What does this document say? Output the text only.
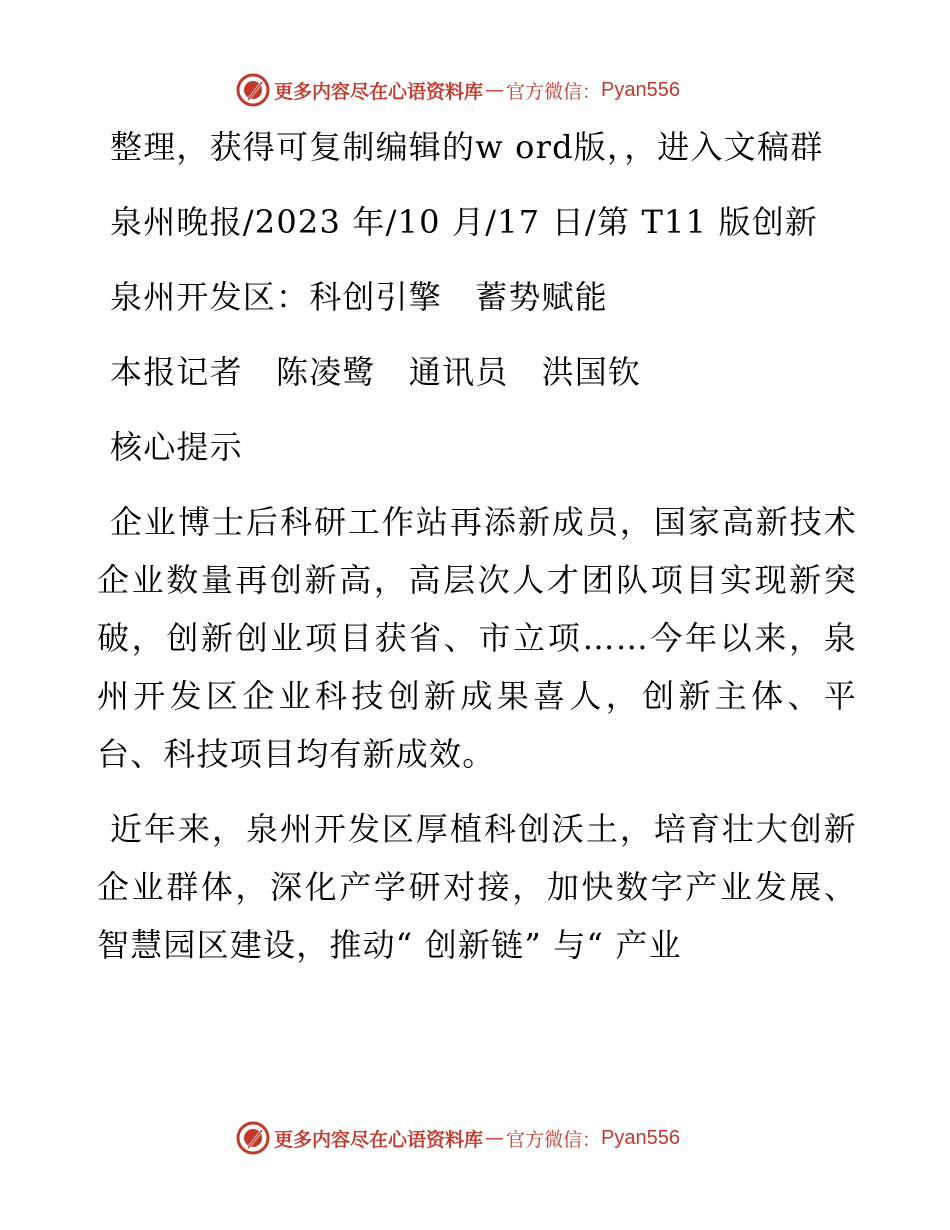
更多内容尽在心语资料库 — 官方微信： Pyan556

整理，获得可复制编辑的w ord版，，进入文稿群

泉州晚报/2023 年/10 月/17 日/第 T11 版创新

泉州开发区：科创引擎　蓄势赋能

本报记者　陈凌鹭　通讯员　洪国钦

核心提示

企业博士后科研工作站再添新成员，国家高新技术企业数量再创新高，高层次人才团队项目实现新突破，创新创业项目获省、市立项……今年以来，泉州开发区企业科技创新成果喜人，创新主体、平台、科技项目均有新成效。

近年来，泉州开发区厚植科创沃土，培育壮大创新企业群体，深化产学研对接，加快数字产业发展、智慧园区建设，推动“ 创新链” 与“ 产业

更多内容尽在心语资料库 — 官方微信： Pyan556
